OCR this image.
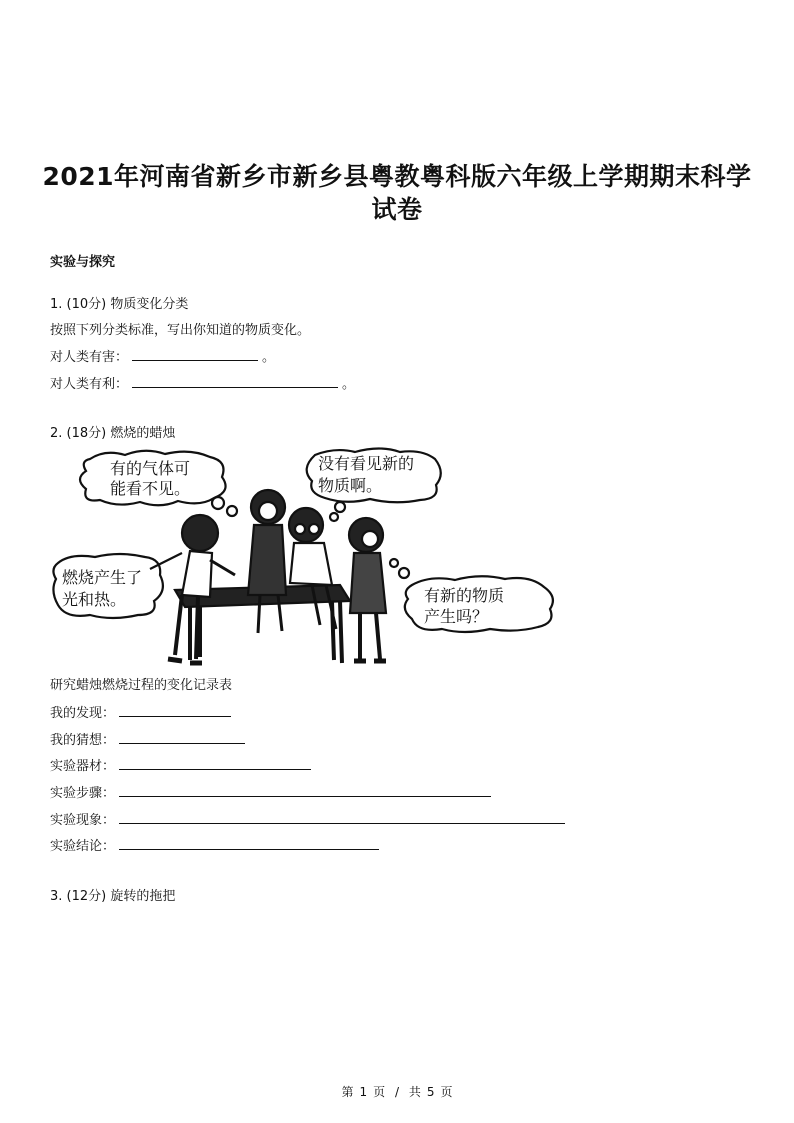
2021年河南省新乡市新乡县粤教粤科版六年级上学期期末科学试卷
实验与探究
1. (10分) 物质变化分类
按照下列分类标准，写出你知道的物质变化。
对人类有害：	。
对人类有利：	。
2. (18分) 燃烧的蜡烛
有的气体可
能看不见。
没有看见新的
物质啊。
燃烧产生了
光和热。	有新的物质
产生吗？
研究蜡烛燃烧过程的变化记录表
我的发现：
我的猜想：
实验器材：
实验步骤：
实验现象：
实验结论：
3. (12分) 旋转的拖把
第 1 页 / 共 5 页
